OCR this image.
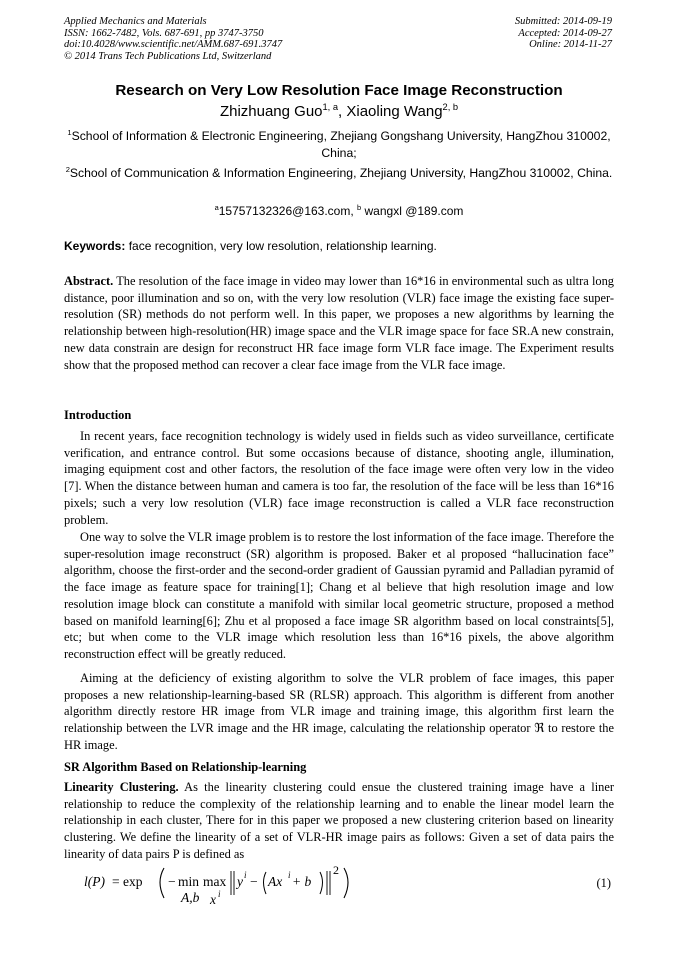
Applied Mechanics and Materials
ISSN: 1662-7482, Vols. 687-691, pp 3747-3750
doi:10.4028/www.scientific.net/AMM.687-691.3747
© 2014 Trans Tech Publications Ltd, Switzerland
Submitted: 2014-09-19
Accepted: 2014-09-27
Online: 2014-11-27
Research on Very Low Resolution Face Image Reconstruction
Zhizhuang Guo$^{1, a}$, Xiaoling Wang$^{2, b}$
$^1$School of Information & Electronic Engineering, Zhejiang Gongshang University, HangZhou 310002, China;
$^2$School of Communication & Information Engineering, Zhejiang University, HangZhou 310002, China.
$^a$15757132326@163.com, $^b$ wangxl @189.com
Keywords: face recognition, very low resolution, relationship learning.
Abstract. The resolution of the face image in video may lower than 16*16 in environmental such as ultra long distance, poor illumination and so on, with the very low resolution (VLR) face image the existing face super-resolution (SR) methods do not perform well. In this paper, we proposes a new algorithms by learning the relationship between high-resolution(HR) image space and the VLR image space for face SR.A new constrain, new data constrain are design for reconstruct HR face image form VLR face image. The Experiment results show that the proposed method can recover a clear face image from the VLR face image.
Introduction
In recent years, face recognition technology is widely used in fields such as video surveillance, certificate verification, and entrance control. But some occasions because of distance, shooting angle, illumination, imaging equipment cost and other factors, the resolution of the face image were often very low in the video [7]. When the distance between human and camera is too far, the resolution of the face will be less than 16*16 pixels; such a very low resolution (VLR) face image reconstruction is called a VLR face reconstruction problem.
One way to solve the VLR image problem is to restore the lost information of the face image. Therefore the super-resolution image reconstruct (SR) algorithm is proposed. Baker et al proposed “hallucination face” algorithm, choose the first-order and the second-order gradient of Gaussian pyramid and Palladian pyramid of the face image as feature space for training[1]; Chang et al believe that high resolution image and low resolution image block can constitute a manifold with similar local geometric structure, proposed a method based on manifold learning[6]; Zhu et al proposed a face image SR algorithm based on local constraints[5], etc; but when come to the VLR image which resolution less than 16*16 pixels, the above algorithm reconstruction effect will be greatly reduced.
Aiming at the deficiency of existing algorithm to solve the VLR problem of face images, this paper proposes a new relationship-learning-based SR (RLSR) approach. This algorithm is different from another algorithm directly restore HR image from VLR image and training image, this algorithm first learn the relationship between the LVR image and the HR image, calculating the relationship operator ℜ to restore the HR image.
SR Algorithm Based on Relationship-learning
Linearity Clustering. As the linearity clustering could ensue the clustered training image have a liner relationship to reduce the complexity of the relationship learning and to enable the linear model learn the relationship in each cluster, There for in this paper we proposed a new clustering criterion based on linearity clustering. We define the linearity of a set of VLR-HR image pairs as follows: Given a set of data pairs the linearity of data pairs P is defined as
l(P) = exp − min
A,b
max
x i
y i − Ax i + b
2
(1)
